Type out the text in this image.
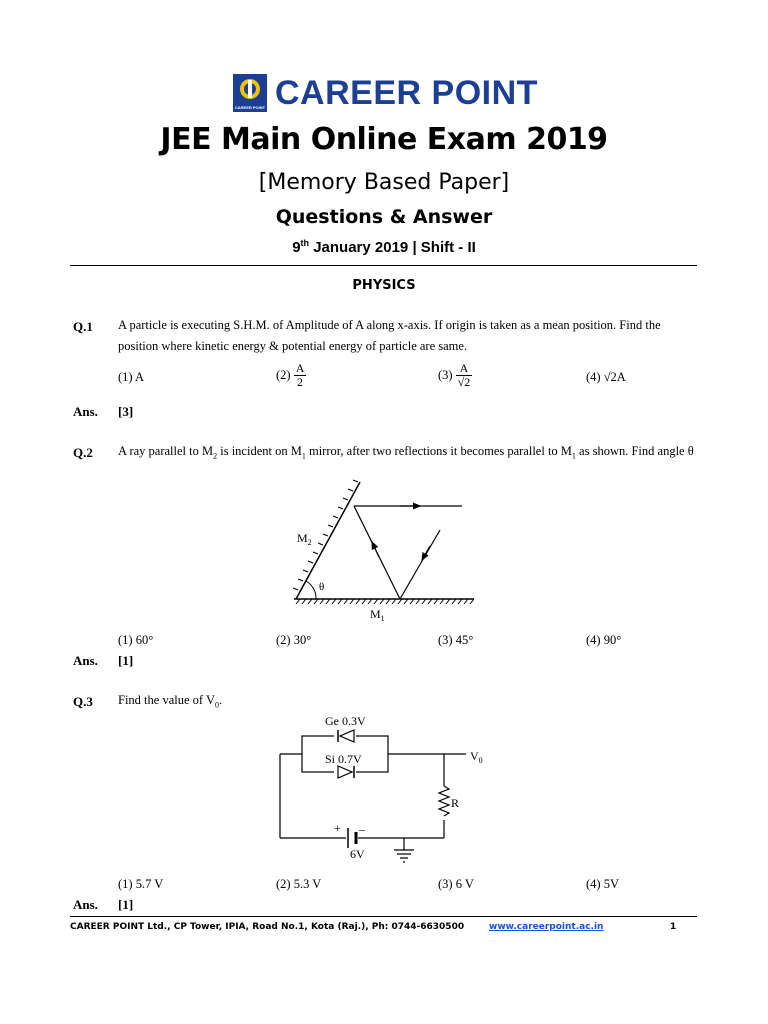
CAREER POINT CAREER POINT
JEE Main Online Exam 2019
[Memory Based Paper]
Questions & Answer
9th January 2019 | Shift - II
PHYSICS
Q.1 A particle is executing S.H.M. of Amplitude of A along x-axis. If origin is taken as a mean position. Find the position where kinetic energy & potential energy of particle are same.
(1) A	$(2) \frac{A}{2}$	$(3) \frac{A}{√2}$	(4) √2A
Ans. [3]
Q.2 A ray parallel to $M_2$ is incident on $M_1$ mirror, after two reflections it becomes parallel to $M_1$ as shown. Find angle θ
θ
$M_2$
$M_1$
(1) 60°	(2) 30°	(3) 45°	(4) 90°
Ans. [1]
Q.3 Find the value of $V_0$.
Ge 0.3V
Si 0.7V	$V_0$
R
+ –
6V
(1) 5.7 V	(2) 5.3 V	(3) 6 V	(4) 5V
Ans. [1]
CAREER POINT Ltd., CP Tower, IPIA, Road No.1, Kota (Raj.), Ph: 0744-6630500	www.careerpoint.ac.in	1
